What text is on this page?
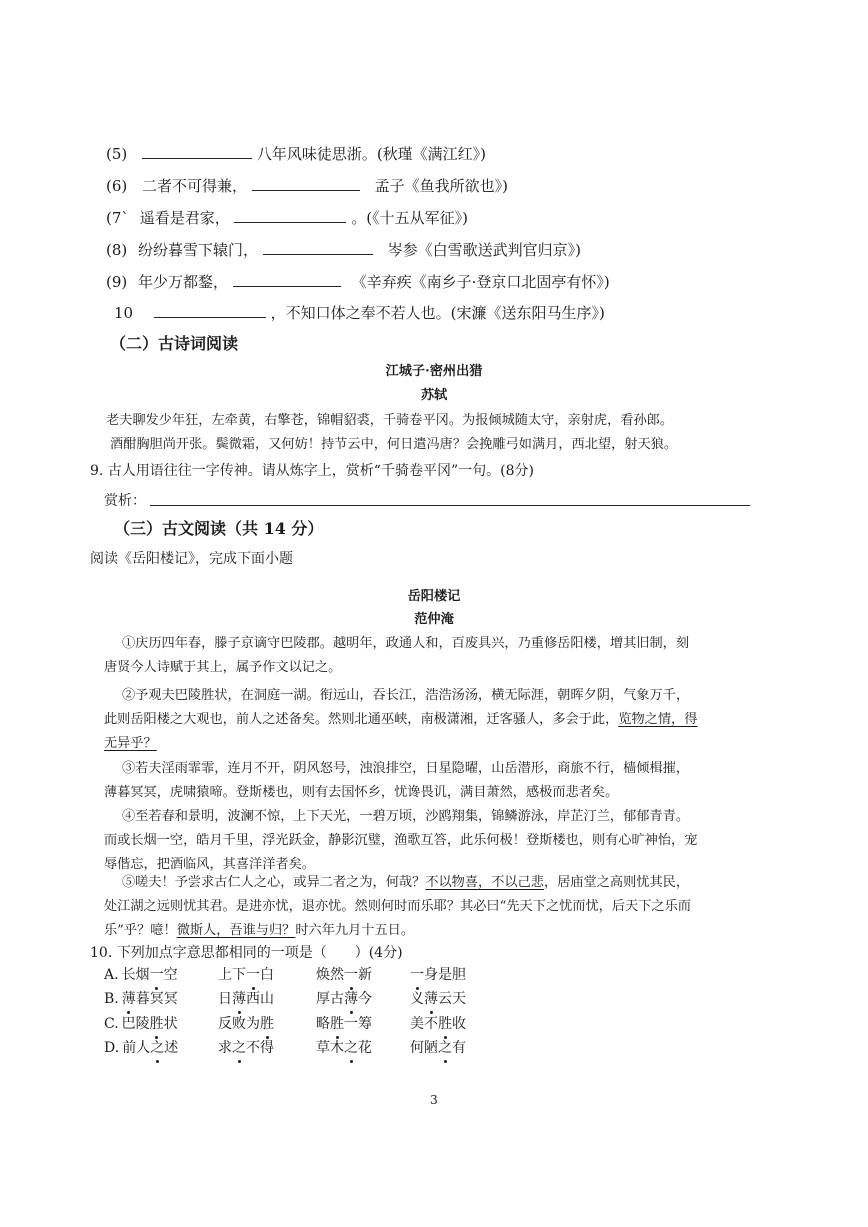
(5)	八年风味徒思浙。(秋瑾《满江红》)
(6) 二者不可得兼，	孟子《鱼我所欲也》)
(7` 遥看是君家，	。(《十五从军征》)
(8) 纷纷暮雪下辕门，	岑参《白雪歌送武判官归京》)
(9) 年少万都鍪，	《辛弃疾《南乡子·登京口北固亭有怀》)
10	，不知口体之奉不若人也。(宋濂《送东阳马生序》)
（二）古诗词阅读
江城子·密州出猎
苏轼
老夫聊发少年狂，左牵黄，右擎苍，锦帽貂裘，千骑卷平冈。为报倾城随太守，亲射虎，看孙郎。
酒酣胸胆尚开张。鬓微霜，又何妨！持节云中，何日遣冯唐？会挽雕弓如满月，西北望，射天狼。
9. 古人用语往往一字传神。请从炼字上，赏析“千骑卷平冈”一句。(8分)
赏析：
（三）古文阅读（共 14 分）
阅读《岳阳楼记》，完成下面小题
岳阳楼记
范仲淹
①庆历四年春，滕子京谪守巴陵郡。越明年，政通人和，百废具兴，乃重修岳阳楼，增其旧制，刻
唐贤今人诗赋于其上，属予作文以记之。
②予观夫巴陵胜状，在洞庭一湖。衔远山，吞长江，浩浩汤汤，横无际涯，朝晖夕阴，气象万千，
此则岳阳楼之大观也，前人之述备矣。然则北通巫峡，南极潇湘，迁客骚人，多会于此，览物之情，得
无异乎？
③若夫淫雨霏霏，连月不开，阴风怒号，浊浪排空，日星隐曜，山岳潜形，商旅不行，樯倾楫摧，
薄暮冥冥，虎啸猿啼。登斯楼也，则有去国怀乡，忧谗畏讥，满目萧然，感极而悲者矣。
④至若春和景明，波澜不惊，上下天光，一碧万顷，沙鸥翔集，锦鳞游泳，岸芷汀兰，郁郁青青。
而或长烟一空，皓月千里，浮光跃金，静影沉璧，渔歌互答，此乐何极！登斯楼也，则有心旷神怡，宠
辱偕忘，把酒临风，其喜洋洋者矣。
⑤嗟夫！予尝求古仁人之心，或异二者之为，何哉？不以物喜，不以己悲，居庙堂之高则忧其民，
处江湖之远则忧其君。是进亦忧，退亦忧。然则何时而乐耶？其必曰“先天下之忧而忧，后天下之乐而
乐”乎？噫！微斯人，吾谁与归？时六年九月十五日。
10. 下列加点字意思都相同的一项是（　　）(4分)
A. 长烟一空	上下一白	焕然一新	一身是胆
B. 薄暮冥冥	日薄西山	厚古薄今	义薄云天
C. 巴陵胜状	反败为胜	略胜一筹	美不胜收
D. 前人之述	求之不得	草木之花	何陋之有
3
